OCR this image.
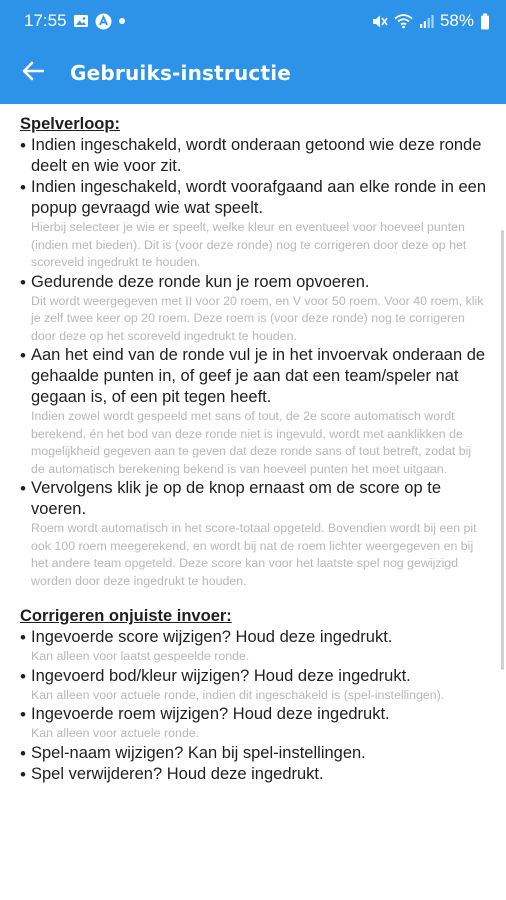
17:55	58%
Gebruiks-instructie
Spelverloop:
• Indien ingeschakeld, wordt onderaan getoond wie deze ronde deelt en wie voor zit.
• Indien ingeschakeld, wordt voorafgaand aan elke ronde in een popup gevraagd wie wat speelt.
Hierbij selecteer je wie er speelt, welke kleur en eventueel voor hoeveel punten (indien met bieden). Dit is (voor deze ronde) nog te corrigeren door deze op het scoreveld ingedrukt te houden.
• Gedurende deze ronde kun je roem opvoeren.
Dit wordt weergegeven met II voor 20 roem, en V voor 50 roem. Voor 40 roem, klik je zelf twee keer op 20 roem. Deze roem is (voor deze ronde) nog te corrigeren door deze op het scoreveld ingedrukt te houden.
• Aan het eind van de ronde vul je in het invoervak onderaan de gehaalde punten in, of geef je aan dat een team/speler nat gegaan is, of een pit tegen heeft.
Indien zowel wordt gespeeld met sans of tout, de 2e score automatisch wordt berekend, én het bod van deze ronde niet is ingevuld, wordt met aanklikken de mogelijkheid gegeven aan te geven dat deze ronde sans of tout betreft, zodat bij de automatisch berekening bekend is van hoeveel punten het moet uitgaan.
• Vervolgens klik je op de knop ernaast om de score op te voeren.
Roem wordt automatisch in het score-totaal opgeteld. Bovendien wordt bij een pit ook 100 roem meegerekend, en wordt bij nat de roem lichter weergegeven en bij het andere team opgeteld. Deze score kan voor het laatste spel nog gewijzigd worden door deze ingedrukt te houden.
Corrigeren onjuiste invoer:
• Ingevoerde score wijzigen? Houd deze ingedrukt.
Kan alleen voor laatst gespeelde ronde.
• Ingevoerd bod/kleur wijzigen? Houd deze ingedrukt.
Kan alleen voor actuele ronde, indien dit ingeschakeld is (spel-instellingen).
• Ingevoerde roem wijzigen? Houd deze ingedrukt.
Kan alleen voor actuele ronde.
• Spel-naam wijzigen? Kan bij spel-instellingen.
• Spel verwijderen? Houd deze ingedrukt.
